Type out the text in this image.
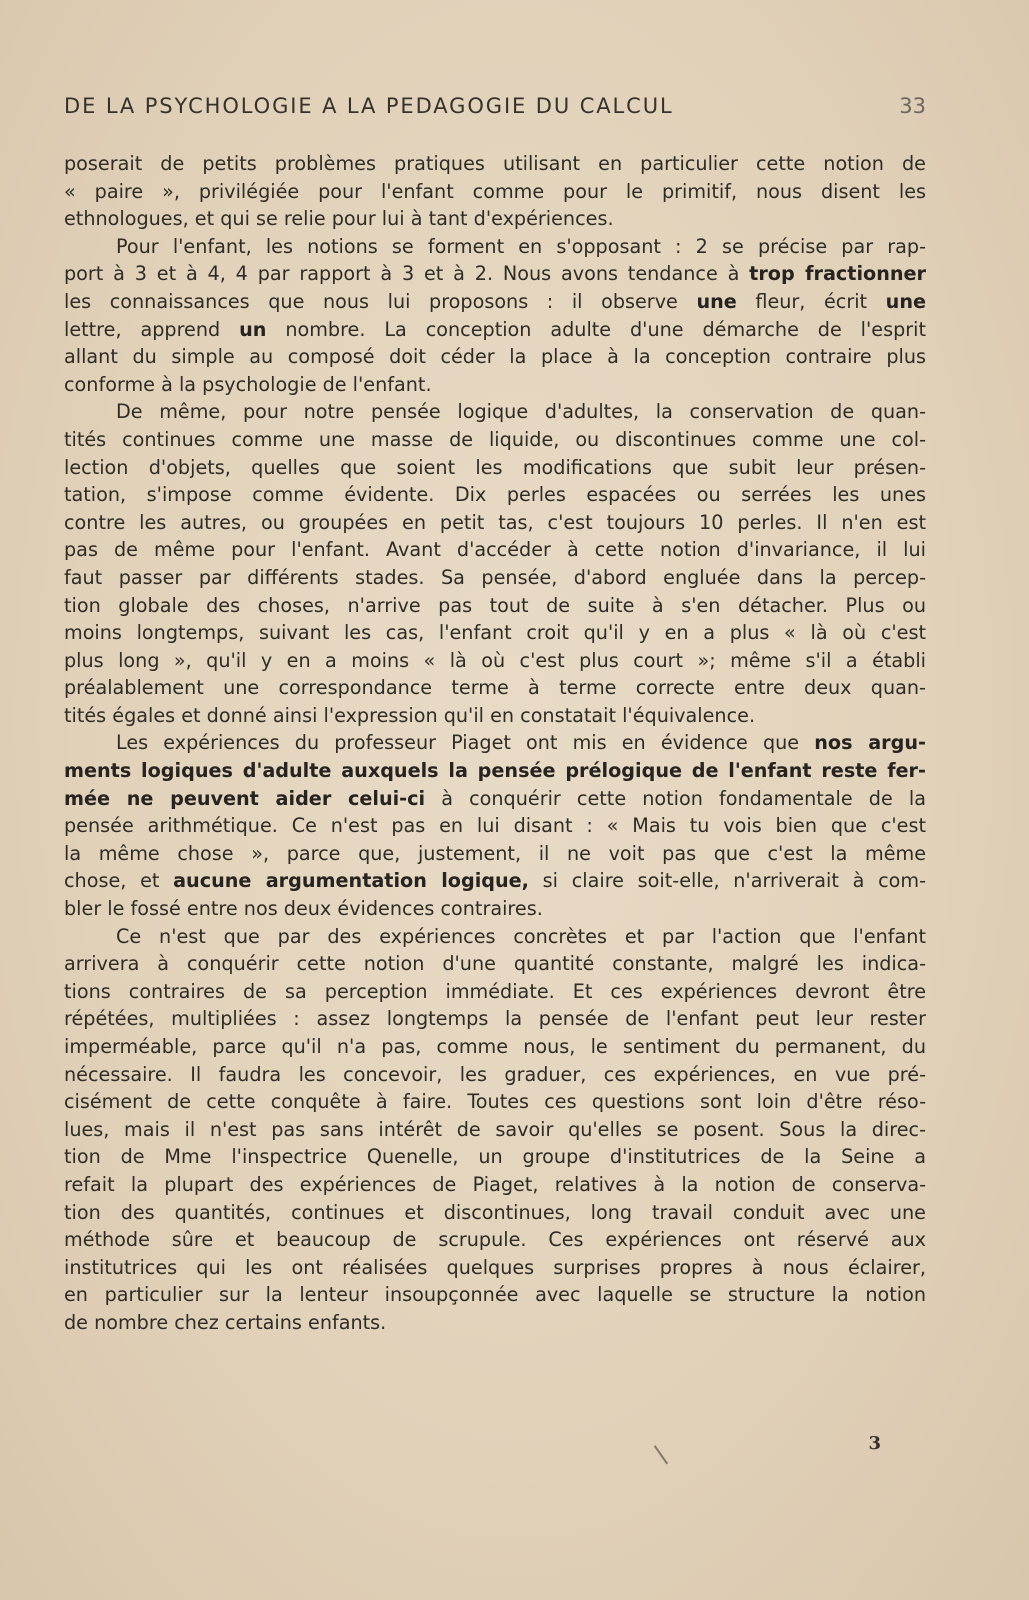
DE LA PSYCHOLOGIE A LA PEDAGOGIE DU CALCUL	33
poserait de petits problèmes pratiques utilisant en particulier cette notion de
« paire », privilégiée pour l'enfant comme pour le primitif, nous disent les
ethnologues, et qui se relie pour lui à tant d'expériences.
Pour l'enfant, les notions se forment en s'opposant : 2 se précise par rap-
port à 3 et à 4, 4 par rapport à 3 et à 2. Nous avons tendance à trop fractionner
les connaissances que nous lui proposons : il observe une fleur, écrit une
lettre, apprend un nombre. La conception adulte d'une démarche de l'esprit
allant du simple au composé doit céder la place à la conception contraire plus
conforme à la psychologie de l'enfant.
De même, pour notre pensée logique d'adultes, la conservation de quan-
tités continues comme une masse de liquide, ou discontinues comme une col-
lection d'objets, quelles que soient les modifications que subit leur présen-
tation, s'impose comme évidente. Dix perles espacées ou serrées les unes
contre les autres, ou groupées en petit tas, c'est toujours 10 perles. Il n'en est
pas de même pour l'enfant. Avant d'accéder à cette notion d'invariance, il lui
faut passer par différents stades. Sa pensée, d'abord engluée dans la percep-
tion globale des choses, n'arrive pas tout de suite à s'en détacher. Plus ou
moins longtemps, suivant les cas, l'enfant croit qu'il y en a plus « là où c'est
plus long », qu'il y en a moins « là où c'est plus court »; même s'il a établi
préalablement une correspondance terme à terme correcte entre deux quan-
tités égales et donné ainsi l'expression qu'il en constatait l'équivalence.
Les expériences du professeur Piaget ont mis en évidence que nos argu-
ments logiques d'adulte auxquels la pensée prélogique de l'enfant reste fer-
mée ne peuvent aider celui-ci à conquérir cette notion fondamentale de la
pensée arithmétique. Ce n'est pas en lui disant : « Mais tu vois bien que c'est
la même chose », parce que, justement, il ne voit pas que c'est la même
chose, et aucune argumentation logique, si claire soit-elle, n'arriverait à com-
bler le fossé entre nos deux évidences contraires.
Ce n'est que par des expériences concrètes et par l'action que l'enfant
arrivera à conquérir cette notion d'une quantité constante, malgré les indica-
tions contraires de sa perception immédiate. Et ces expériences devront être
répétées, multipliées : assez longtemps la pensée de l'enfant peut leur rester
imperméable, parce qu'il n'a pas, comme nous, le sentiment du permanent, du
nécessaire. Il faudra les concevoir, les graduer, ces expériences, en vue pré-
cisément de cette conquête à faire. Toutes ces questions sont loin d'être réso-
lues, mais il n'est pas sans intérêt de savoir qu'elles se posent. Sous la direc-
tion de Mme l'inspectrice Quenelle, un groupe d'institutrices de la Seine a
refait la plupart des expériences de Piaget, relatives à la notion de conserva-
tion des quantités, continues et discontinues, long travail conduit avec une
méthode sûre et beaucoup de scrupule. Ces expériences ont réservé aux
institutrices qui les ont réalisées quelques surprises propres à nous éclairer,
en particulier sur la lenteur insoupçonnée avec laquelle se structure la notion
de nombre chez certains enfants.
3
